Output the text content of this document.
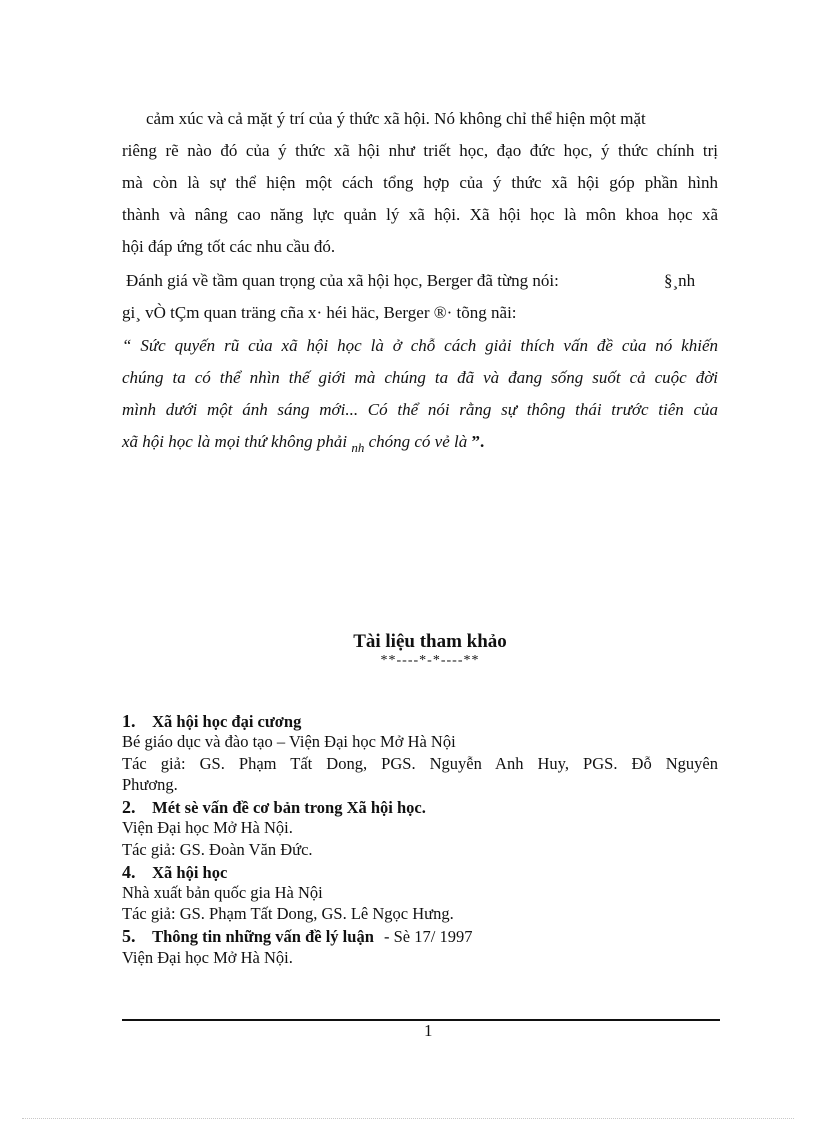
cảm xúc và cả mặt ý trí của ý thức xã hội. Nó không chỉ thể hiện một mặt
riêng rẽ nào đó của ý thức xã hội như triết học, đạo đức học, ý thức chính trị
mà còn là sự thể hiện một cách tổng hợp của ý thức xã hội góp phần hình
thành và nâng cao năng lực quản lý xã hội. Xã hội học là môn khoa học xã
hội đáp ứng tốt các nhu cầu đó.
Đánh giá về tầm quan trọng của xã hội học, Berger đã từng nói:	§¸nh
gi¸ vÒ tÇm quan träng cña x· héi häc, Berger ®· tõng nãi:
“ Sức quyến rũ của xã hội học là ở chỗ cách giải thích vấn đề của nó khiến
chúng ta có thể nhìn thế giới mà chúng ta đã và đang sống suốt cả cuộc đời
mình dưới một ánh sáng mới... Có thể nói rằng sự thông thái trước tiên của
xã hội học là mọi thứ không phải $_{nh}$ chóng có vẻ là ”.
Tài liệu tham khảo
**----*-*----**
1. Xã hội học đại cương
Bé giáo dục và đào tạo – Viện Đại học Mở Hà Nội
Tác giả: GS. Phạm Tất Dong, PGS. Nguyễn Anh Huy, PGS. Đỗ Nguyên
Phương.
2. Mét sè vấn đề cơ bản trong Xã hội học.
Viện Đại học Mở Hà Nội.
Tác giả: GS. Đoàn Văn Đức.
4. Xã hội học
Nhà xuất bản quốc gia Hà Nội
Tác giả: GS. Phạm Tất Dong, GS. Lê Ngọc Hưng.
5. Thông tin những vấn đề lý luận - Sè 17/ 1997
Viện Đại học Mở Hà Nội.
1
